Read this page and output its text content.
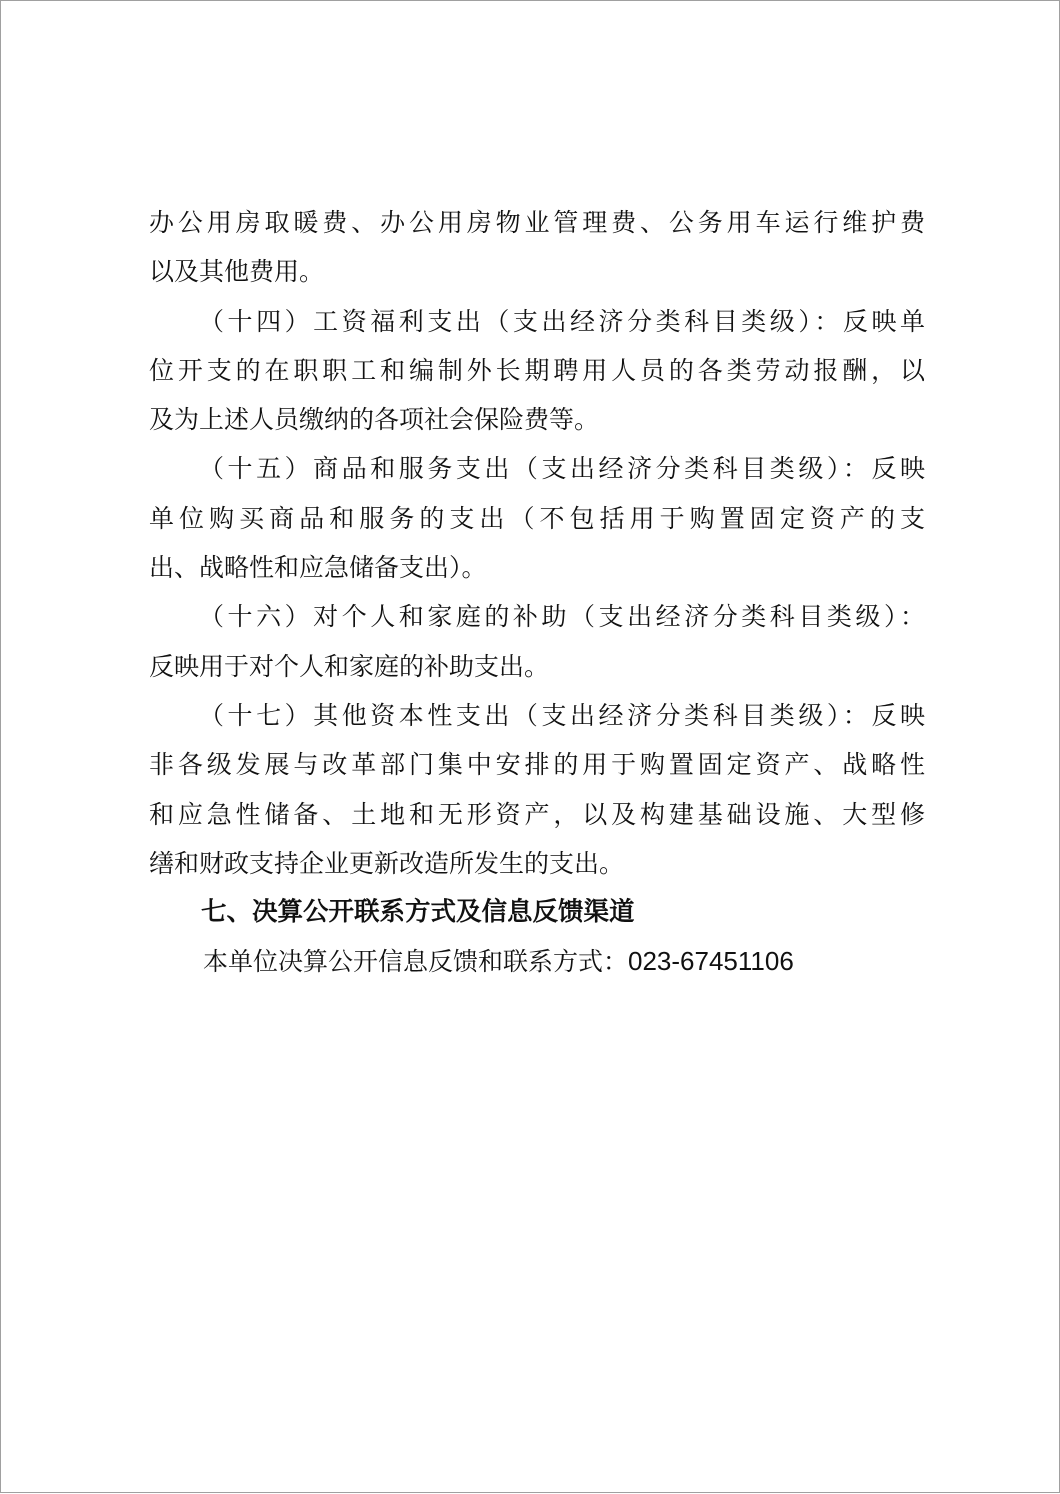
办公用房取暖费、办公用房物业管理费、公务用车运行维护费
以及其他费用。
（十四）工资福利支出（支出经济分类科目类级）：反映单
位开支的在职职工和编制外长期聘用人员的各类劳动报酬，以
及为上述人员缴纳的各项社会保险费等。
（十五）商品和服务支出（支出经济分类科目类级）：反映
单位购买商品和服务的支出（不包括用于购置固定资产的支
出、战略性和应急储备支出）。
（十六）对个人和家庭的补助（支出经济分类科目类级）：
反映用于对个人和家庭的补助支出。
（十七）其他资本性支出（支出经济分类科目类级）：反映
非各级发展与改革部门集中安排的用于购置固定资产、战略性
和应急性储备、土地和无形资产，以及构建基础设施、大型修
缮和财政支持企业更新改造所发生的支出。
七、决算公开联系方式及信息反馈渠道
本单位决算公开信息反馈和联系方式：023-67451106
